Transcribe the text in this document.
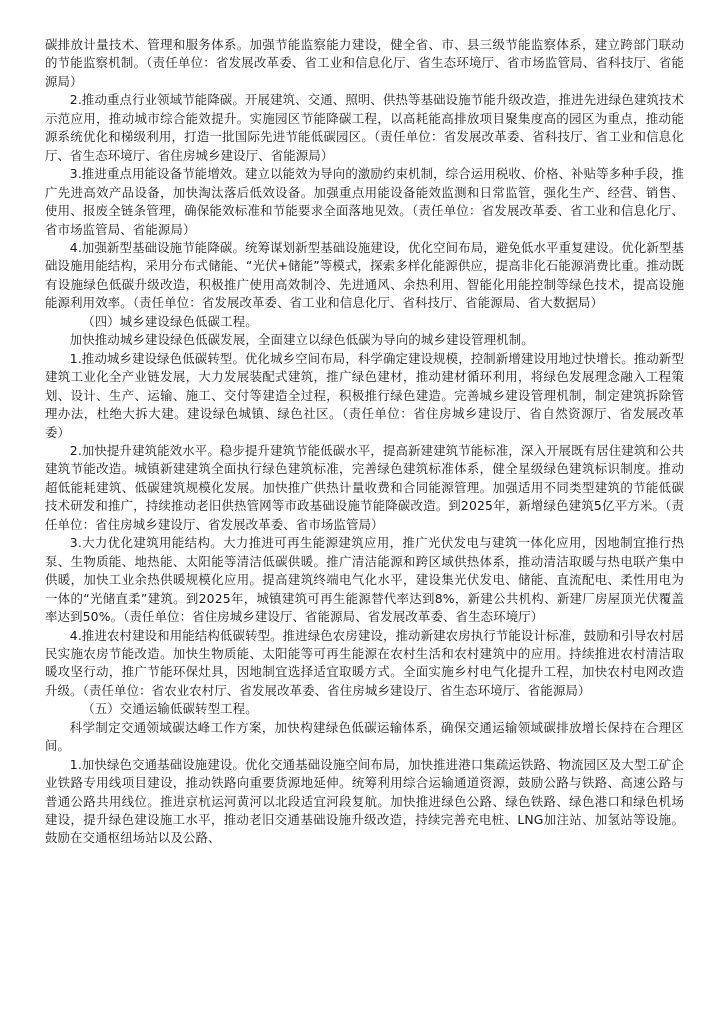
碳排放计量技术、管理和服务体系。加强节能监察能力建设，健全省、市、县三级节能监察体系，建立跨部门联动的节能监察机制。（责任单位：省发展改革委、省工业和信息化厅、省生态环境厅、省市场监管局、省科技厅、省能源局）

2.推动重点行业领域节能降碳。开展建筑、交通、照明、供热等基础设施节能升级改造，推进先进绿色建筑技术示范应用，推动城市综合能效提升。实施园区节能降碳工程，以高耗能高排放项目聚集度高的园区为重点，推动能源系统优化和梯级利用，打造一批国际先进节能低碳园区。（责任单位：省发展改革委、省科技厅、省工业和信息化厅、省生态环境厅、省住房城乡建设厅、省能源局）

3.推进重点用能设备节能增效。建立以能效为导向的激励约束机制，综合运用税收、价格、补贴等多种手段，推广先进高效产品设备，加快淘汰落后低效设备。加强重点用能设备能效监测和日常监管，强化生产、经营、销售、使用、报废全链条管理，确保能效标准和节能要求全面落地见效。（责任单位：省发展改革委、省工业和信息化厅、省市场监管局、省能源局）

4.加强新型基础设施节能降碳。统筹谋划新型基础设施建设，优化空间布局，避免低水平重复建设。优化新型基础设施用能结构，采用分布式储能、“光伏+储能”等模式，探索多样化能源供应，提高非化石能源消费比重。推动既有设施绿色低碳升级改造，积极推广使用高效制冷、先进通风、余热利用、智能化用能控制等绿色技术，提高设施能源利用效率。（责任单位：省发展改革委、省工业和信息化厅、省科技厅、省能源局、省大数据局）

（四）城乡建设绿色低碳工程。

加快推动城乡建设绿色低碳发展，全面建立以绿色低碳为导向的城乡建设管理机制。

1.推动城乡建设绿色低碳转型。优化城乡空间布局，科学确定建设规模，控制新增建设用地过快增长。推动新型建筑工业化全产业链发展，大力发展装配式建筑，推广绿色建材，推动建材循环利用，将绿色发展理念融入工程策划、设计、生产、运输、施工、交付等建造全过程，积极推行绿色建造。完善城乡建设管理机制，制定建筑拆除管理办法，杜绝大拆大建。建设绿色城镇、绿色社区。（责任单位：省住房城乡建设厅、省自然资源厅、省发展改革委）

2.加快提升建筑能效水平。稳步提升建筑节能低碳水平，提高新建建筑节能标准，深入开展既有居住建筑和公共建筑节能改造。城镇新建建筑全面执行绿色建筑标准，完善绿色建筑标准体系，健全星级绿色建筑标识制度。推动超低能耗建筑、低碳建筑规模化发展。加快推广供热计量收费和合同能源管理。加强适用不同类型建筑的节能低碳技术研发和推广，持续推动老旧供热管网等市政基础设施节能降碳改造。到2025年，新增绿色建筑5亿平方米。（责任单位：省住房城乡建设厅、省发展改革委、省市场监管局）

3.大力优化建筑用能结构。大力推进可再生能源建筑应用，推广光伏发电与建筑一体化应用，因地制宜推行热泵、生物质能、地热能、太阳能等清洁低碳供暖。推广清洁能源和跨区域供热体系，推动清洁取暖与热电联产集中供暖，加快工业余热供暖规模化应用。提高建筑终端电气化水平，建设集光伏发电、储能、直流配电、柔性用电为一体的“光储直柔”建筑。到2025年，城镇建筑可再生能源替代率达到8%，新建公共机构、新建厂房屋顶光伏覆盖率达到50%。（责任单位：省住房城乡建设厅、省能源局、省发展改革委、省生态环境厅）

4.推进农村建设和用能结构低碳转型。推进绿色农房建设，推动新建农房执行节能设计标准，鼓励和引导农村居民实施农房节能改造。加快生物质能、太阳能等可再生能源在农村生活和农村建筑中的应用。持续推进农村清洁取暖攻坚行动，推广节能环保灶具，因地制宜选择适宜取暖方式。全面实施乡村电气化提升工程，加快农村电网改造升级。（责任单位：省农业农村厅、省发展改革委、省住房城乡建设厅、省生态环境厅、省能源局）

（五）交通运输低碳转型工程。

科学制定交通领域碳达峰工作方案，加快构建绿色低碳运输体系，确保交通运输领域碳排放增长保持在合理区间。

1.加快绿色交通基础设施建设。优化交通基础设施空间布局，加快推进港口集疏运铁路、物流园区及大型工矿企业铁路专用线项目建设，推动铁路向重要货源地延伸。统筹利用综合运输通道资源，鼓励公路与铁路、高速公路与普通公路共用线位。推进京杭运河黄河以北段适宜河段复航。加快推进绿色公路、绿色铁路、绿色港口和绿色机场建设，提升绿色建设施工水平，推动老旧交通基础设施升级改造，持续完善充电桩、LNG加注站、加氢站等设施。鼓励在交通枢纽场站以及公路、
